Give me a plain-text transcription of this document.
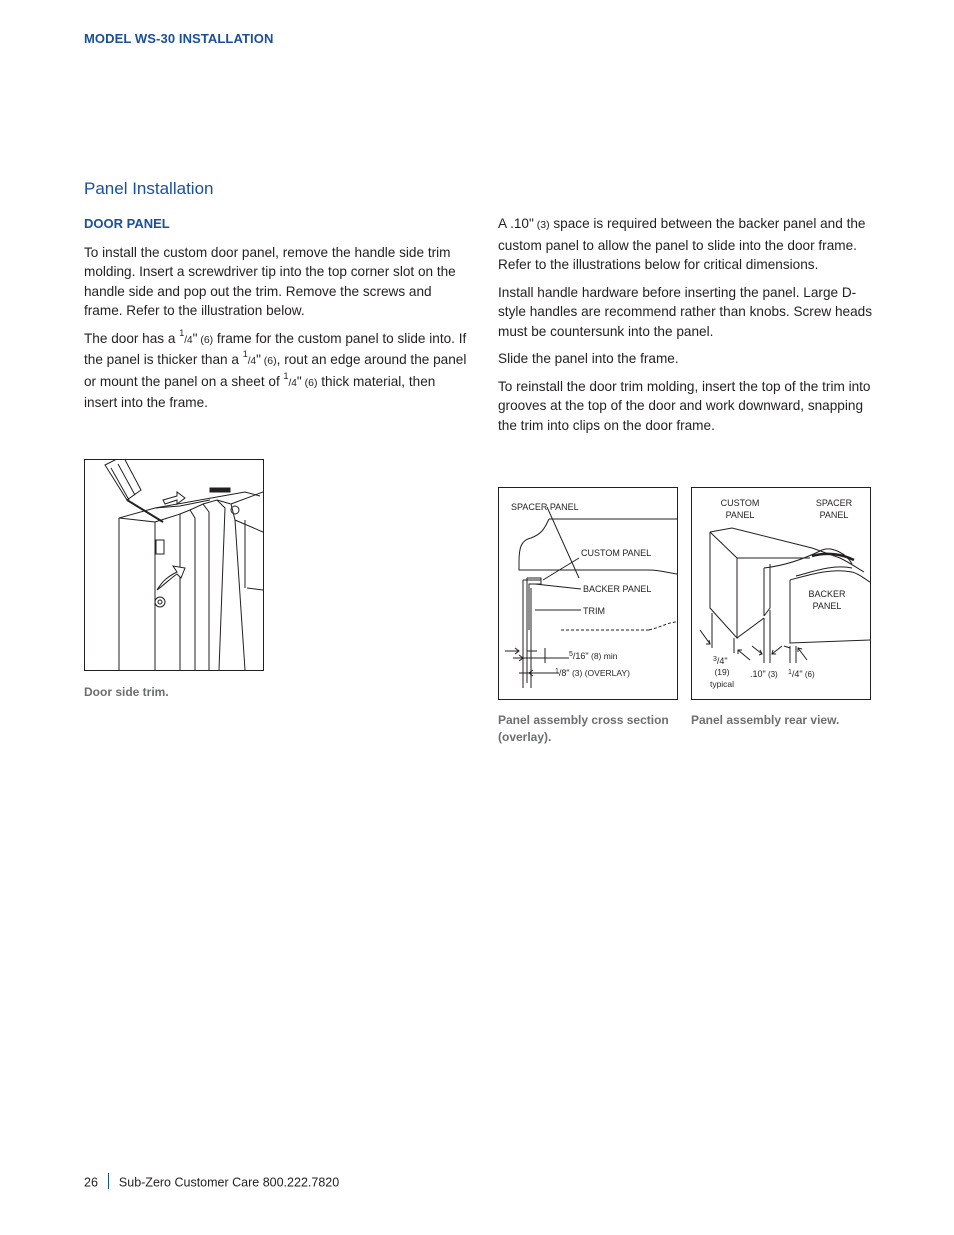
MODEL WS-30 INSTALLATION
Panel Installation

DOOR PANEL

To install the custom door panel, remove the handle side trim molding. Insert a screwdriver tip into the top corner slot on the handle side and pop out the trim. Remove the screws and frame. Refer to the illustration below.

The door has a $^1$/4" (6) frame for the custom panel to slide into. If the panel is thicker than a $^1$/4" (6), rout an edge around the panel or mount the panel on a sheet of $^1$/4" (6) thick material, then insert into the frame.

A .10" (3) space is required between the backer panel and the custom panel to allow the panel to slide into the door frame. Refer to the illustrations below for critical dimensions.

Install handle hardware before inserting the panel. Large D-style handles are recommend rather than knobs. Screw heads must be countersunk into the panel.

Slide the panel into the frame.

To reinstall the door trim molding, insert the top of the trim into grooves at the top of the door and work downward, snapping the trim into clips on the door frame.

Door side trim.
SPACER PANEL
CUSTOM PANEL
BACKER PANEL
TRIM
$^5$/16" (8) min
$^1$/8" (3) (OVERLAY)
Panel assembly cross section (overlay).
CUSTOM
PANEL
SPACER
PANEL
BACKER
PANEL
$^3$/4"
(19)
typical
.10" (3) $^1$/4" (6)
Panel assembly rear view.
26 Sub-Zero Customer Care 800.222.7820
